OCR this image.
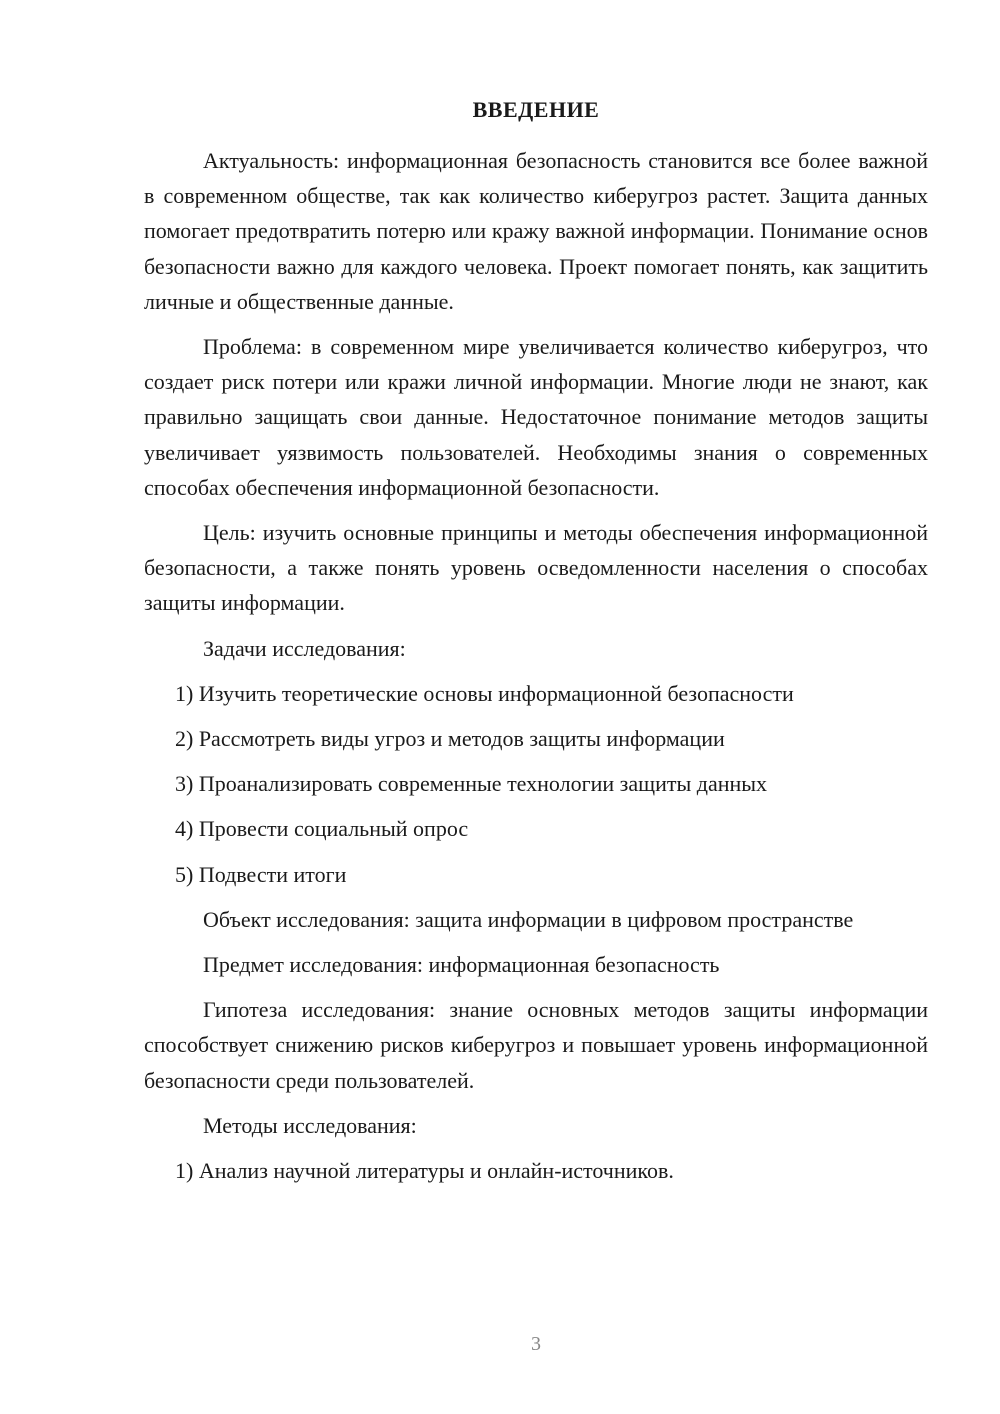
ВВЕДЕНИЕ

Актуальность: информационная безопасность становится все более важной в современном обществе, так как количество киберугроз растет. Защита данных помогает предотвратить потерю или кражу важной информации. Понимание основ безопасности важно для каждого человека. Проект помогает понять, как защитить личные и общественные данные.

Проблема: в современном мире увеличивается количество киберугроз, что создает риск потери или кражи личной информации. Многие люди не знают, как правильно защищать свои данные. Недостаточное понимание методов защиты увеличивает уязвимость пользователей. Необходимы знания о современных способах обеспечения информационной безопасности.

Цель: изучить основные принципы и методы обеспечения информационной безопасности, а также понять уровень осведомленности населения о способах защиты информации.

Задачи исследования:

1) Изучить теоретические основы информационной безопасности

2) Рассмотреть виды угроз и методов защиты информации

3) Проанализировать современные технологии защиты данных

4) Провести социальный опрос

5) Подвести итоги

Объект исследования: защита информации в цифровом пространстве

Предмет исследования: информационная безопасность

Гипотеза исследования: знание основных методов защиты информации способствует снижению рисков киберугроз и повышает уровень информационной безопасности среди пользователей.

Методы исследования:

1) Анализ научной литературы и онлайн-источников.

3
